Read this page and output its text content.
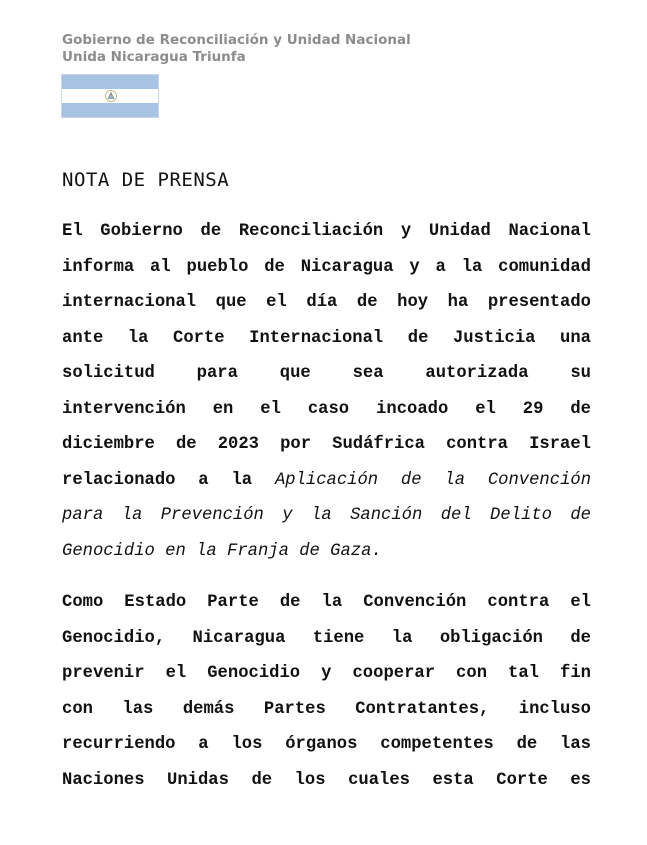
Gobierno de Reconciliación y Unidad Nacional
Unida Nicaragua Triunfa
NOTA DE PRENSA
El Gobierno de Reconciliación y Unidad Nacional
informa al pueblo de Nicaragua y a la comunidad
internacional que el día de hoy ha presentado
ante la Corte Internacional de Justicia una
solicitud para que sea autorizada su
intervención en el caso incoado el 29 de
diciembre de 2023 por Sudáfrica contra Israel
relacionado a la Aplicación de la Convención
para la Prevención y la Sanción del Delito de
Genocidio en la Franja de Gaza.
Como Estado Parte de la Convención contra el
Genocidio, Nicaragua tiene la obligación de
prevenir el Genocidio y cooperar con tal fin
con las demás Partes Contratantes, incluso
recurriendo a los órganos competentes de las
Naciones Unidas de los cuales esta Corte es
